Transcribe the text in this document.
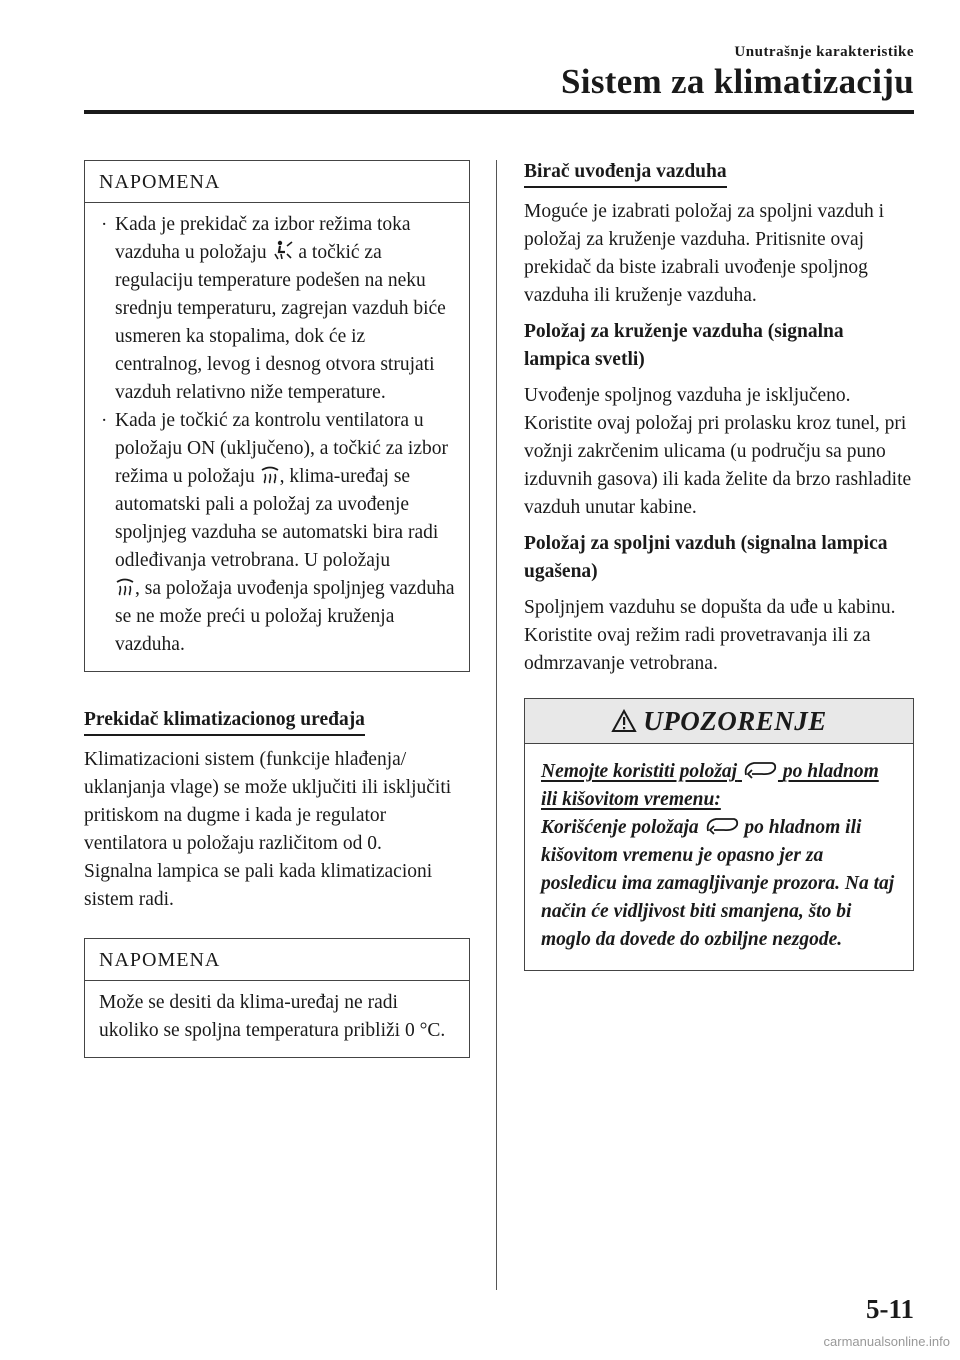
Unutrašnje karakteristike
Sistem za klimatizaciju
NAPOMENA
· Kada je prekidač za izbor režima toka vazduha u položaju a točkić za regulaciju temperature podešen na neku srednju temperaturu, zagrejan vazduh biće usmeren ka stopalima, dok će iz centralnog, levog i desnog otvora strujati vazduh relativno niže temperature.
· Kada je točkić za kontrolu ventilatora u položaju ON (uključeno), a točkić za izbor režima u položaju , klima-uređaj se automatski pali a položaj za uvođenje spoljnjeg vazduha se automatski bira radi odleđivanja vetrobrana. U položaju

, sa položaja uvođenja spoljnjeg vazduha se ne može preći u položaj kruženja vazduha.
Prekidač klimatizacionog uređaja
Klimatizacioni sistem (funkcije hlađenja/ uklanjanja vlage) se može uključiti ili isključiti pritiskom na dugme i kada je regulator ventilatora u položaju različitom od 0.
Signalna lampica se pali kada klimatizacioni sistem radi.
NAPOMENA
Može se desiti da klima-uređaj ne radi ukoliko se spoljna temperatura približi 0 °C.
Birač uvođenja vazduha
Moguće je izabrati položaj za spoljni vazduh i položaj za kruženje vazduha. Pritisnite ovaj prekidač da biste izabrali uvođenje spoljnog vazduha ili kruženje vazduha.
Položaj za kruženje vazduha (signalna lampica svetli)
Uvođenje spoljnog vazduha je isključeno. Koristite ovaj položaj pri prolasku kroz tunel, pri vožnji zakrčenim ulicama (u području sa puno izduvnih gasova) ili kada želite da brzo rashladite vazduh unutar kabine.
Položaj za spoljni vazduh (signalna lampica ugašena)
Spoljnjem vazduhu se dopušta da uđe u kabinu. Koristite ovaj režim radi provetravanja ili za odmrzavanje vetrobrana.
UPOZORENJE
Nemojte koristiti položaj po hladnom ili kišovitom vremenu:
Korišćenje položaja po hladnom ili kišovitom vremenu je opasno jer za posledicu ima zamagljivanje prozora. Na taj način će vidljivost biti smanjena, što bi moglo da dovede do ozbiljne nezgode.
5-11
carmanualsonline.info
